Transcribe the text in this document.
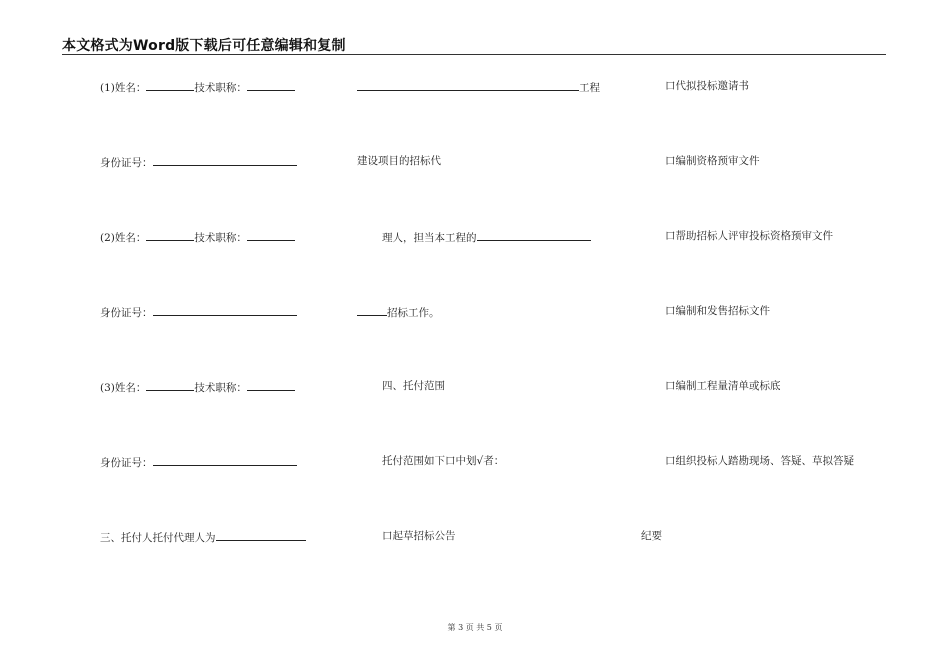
本文格式为Word版下载后可任意编辑和复制
(1)姓名：	技术职称：
身份证号：
(2)姓名：	技术职称：
身份证号：
(3)姓名：	技术职称：
身份证号：
三、托付人托付代理人为
工程
建设项目的招标代
理人，担当本工程的
招标工作。
四、托付范围
托付范围如下口中划√者：
口起草招标公告
口代拟投标邀请书
口编制资格预审文件
口帮助招标人评审投标资格预审文件
口编制和发售招标文件
口编制工程量清单或标底
口组织投标人踏勘现场、答疑、草拟答疑
纪要
第 3 页 共 5 页
